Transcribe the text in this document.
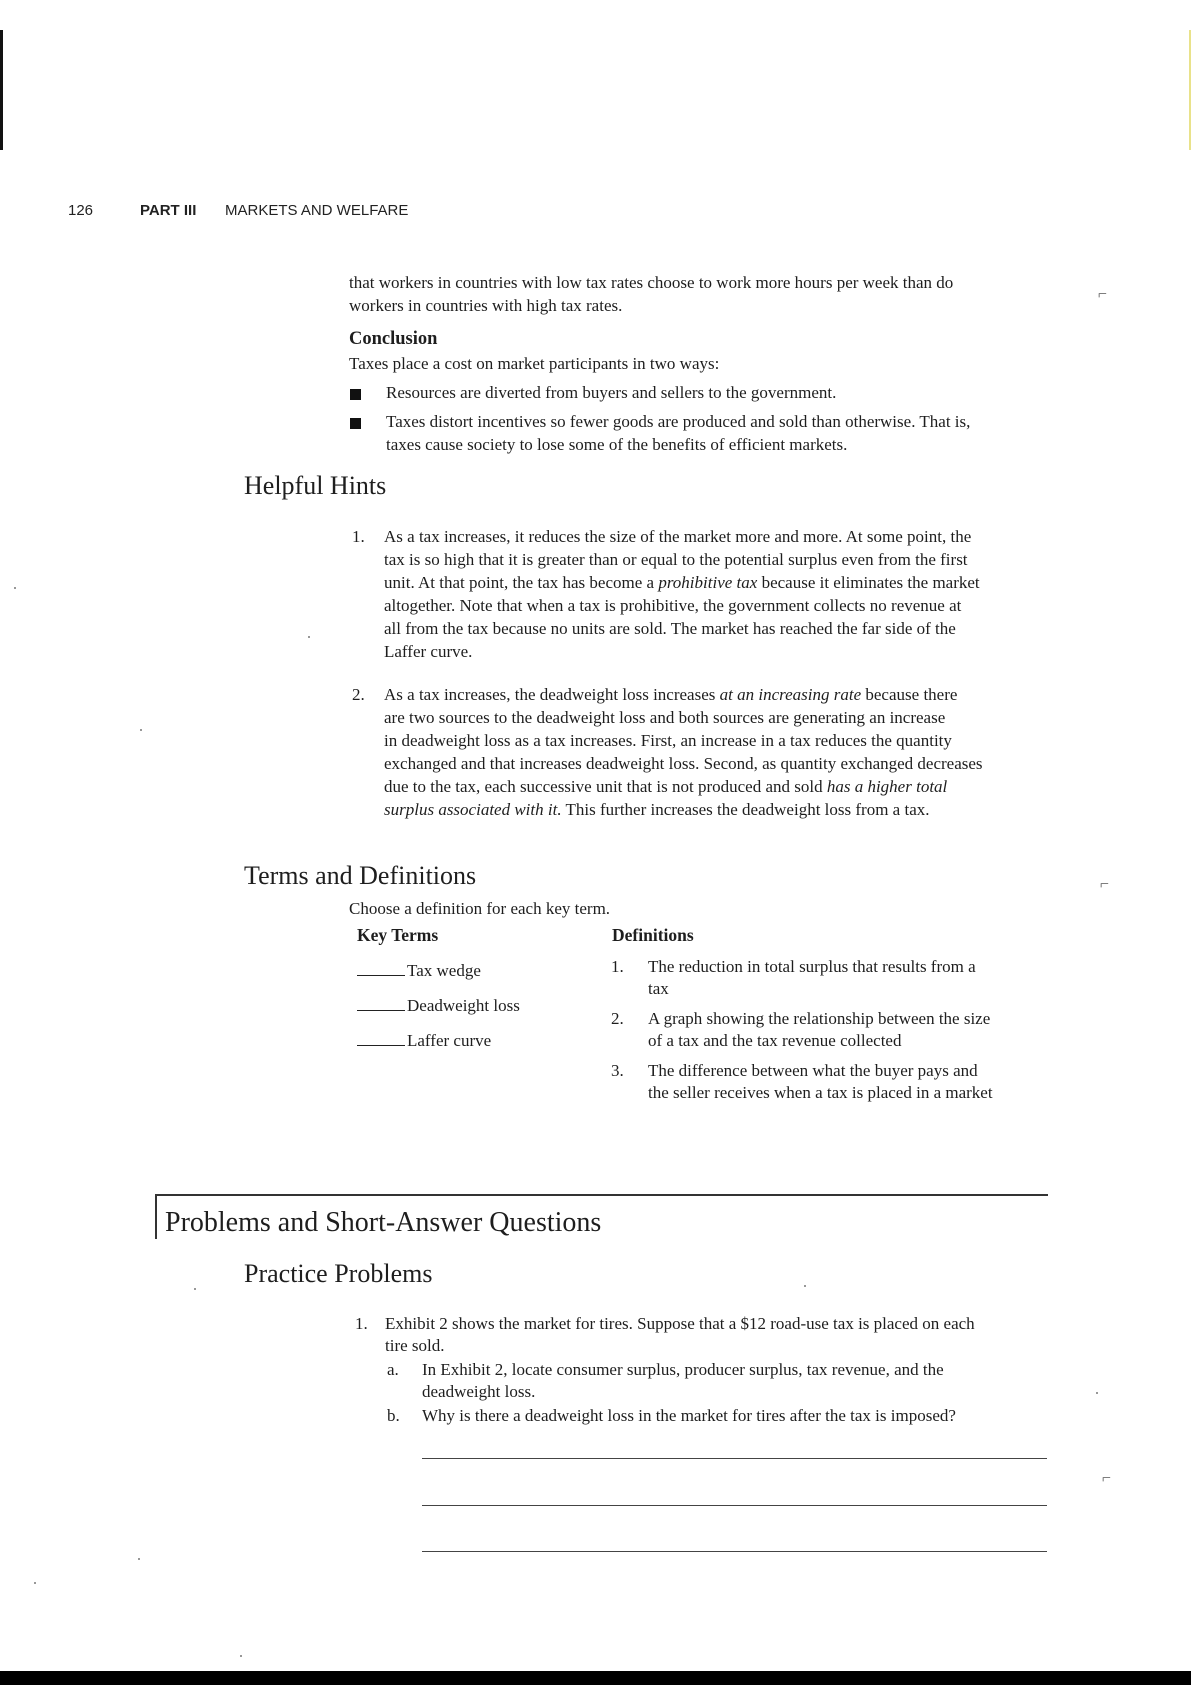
126	PART III MARKETS AND WELFARE
that workers in countries with low tax rates choose to work more hours per week than do
workers in countries with high tax rates.
Conclusion
Taxes place a cost on market participants in two ways:
Resources are diverted from buyers and sellers to the government.
Taxes distort incentives so fewer goods are produced and sold than otherwise. That is,
taxes cause society to lose some of the benefits of efficient markets.
Helpful Hints
1. As a tax increases, it reduces the size of the market more and more. At some point, the
tax is so high that it is greater than or equal to the potential surplus even from the first
unit. At that point, the tax has become a prohibitive tax because it eliminates the market
altogether. Note that when a tax is prohibitive, the government collects no revenue at
all from the tax because no units are sold. The market has reached the far side of the
Laffer curve.
2. As a tax increases, the deadweight loss increases at an increasing rate because there
are two sources to the deadweight loss and both sources are generating an increase
in deadweight loss as a tax increases. First, an increase in a tax reduces the quantity
exchanged and that increases deadweight loss. Second, as quantity exchanged decreases
due to the tax, each successive unit that is not produced and sold has a higher total
surplus associated with it. This further increases the deadweight loss from a tax.
Terms and Definitions
Choose a definition for each key term.
Key Terms	Definitions
Tax wedge
Deadweight loss
Laffer curve
1. The reduction in total surplus that results from a
tax
2. A graph showing the relationship between the size
of a tax and the tax revenue collected
3. The difference between what the buyer pays and
the seller receives when a tax is placed in a market
Problems and Short-Answer Questions
Practice Problems
1. Exhibit 2 shows the market for tires. Suppose that a $12 road-use tax is placed on each
tire sold.
a. In Exhibit 2, locate consumer surplus, producer surplus, tax revenue, and the
deadweight loss.
b. Why is there a deadweight loss in the market for tires after the tax is imposed?
⌐
⌐
⌐
